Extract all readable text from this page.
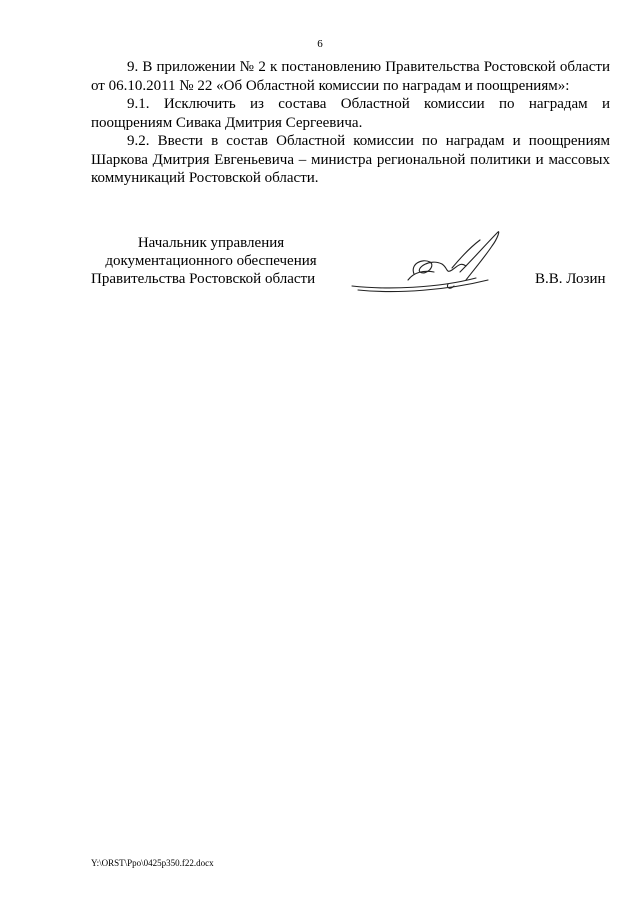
6

9. В приложении № 2 к постановлению Правительства Ростовской области от 06.10.2011 № 22 «Об Областной комиссии по наградам и поощрениям»:

9.1. Исключить из состава Областной комиссии по наградам и поощрениям Сивака Дмитрия Сергеевича.

9.2. Ввести в состав Областной комиссии по наградам и поощрениям Шаркова Дмитрия Евгеньевича – министра региональной политики и массовых коммуникаций Ростовской области.

Начальник управления
документационного обеспечения
Правительства Ростовской области	В.В. Лозин
Y:\ORST\Ppo\0425p350.f22.docx
